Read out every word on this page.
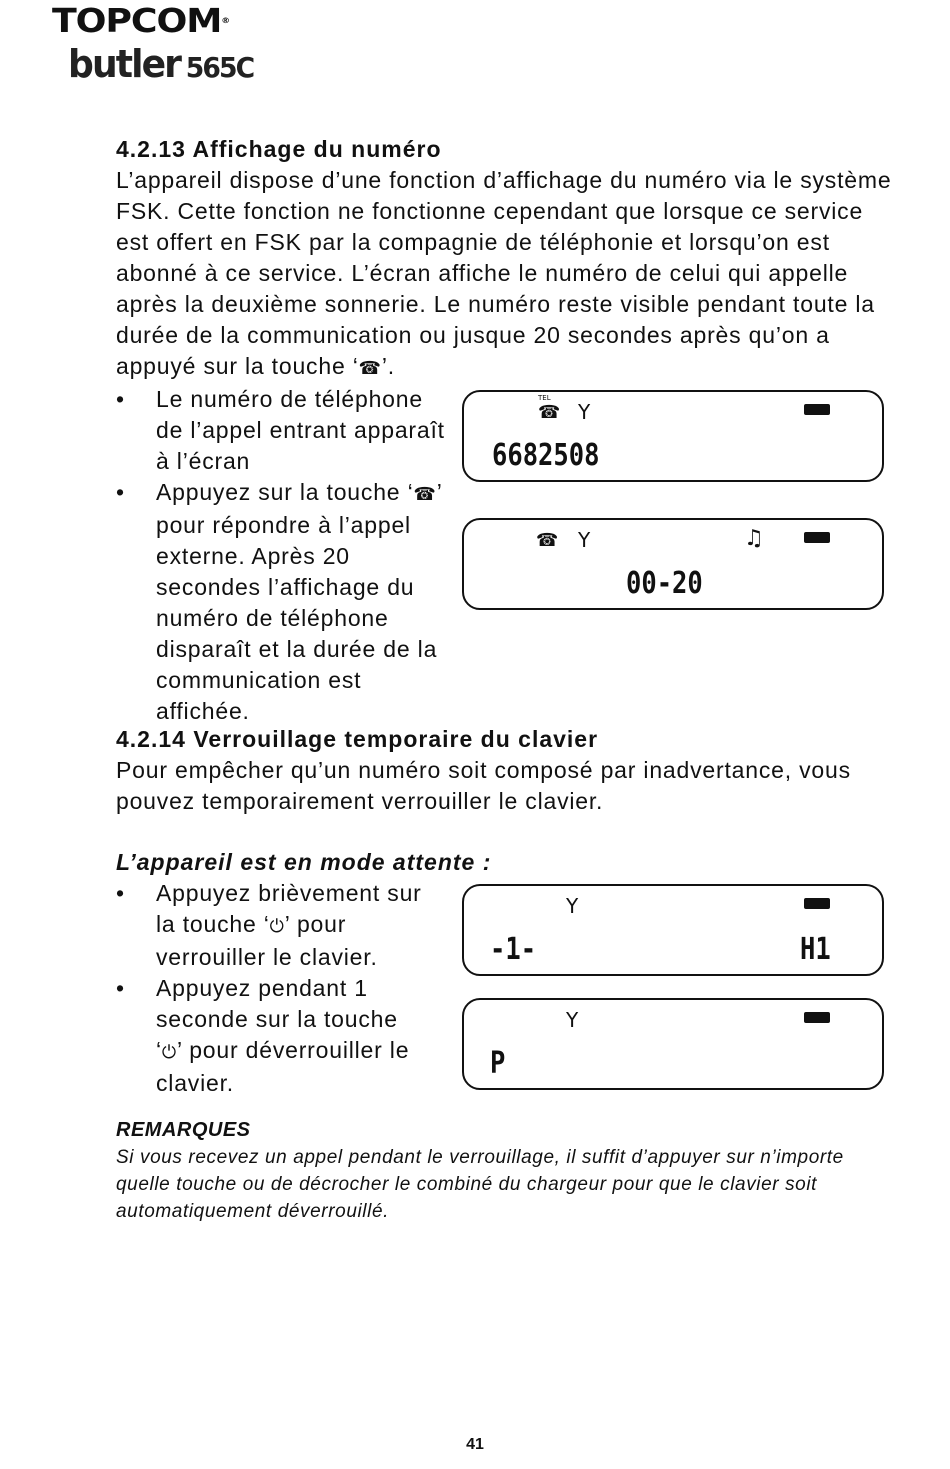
TOPCOM®
butler 565C

4.2.13 Affichage du numéro

L’appareil dispose d’une fonction d’affichage du numéro via le système FSK. Cette fonction ne fonctionne cependant que lorsque ce service est offert en FSK par la compagnie de téléphonie et lorsqu’on est abonné à ce service. L’écran affiche le numéro de celui qui appelle après la deuxième sonnerie. Le numéro reste visible pendant toute la durée de la communication ou jusque 20 secondes après qu’on a appuyé sur la touche ‘☎’.

• Le numéro de téléphone de l’appel entrant apparaît à l’écran
• Appuyez sur la touche ‘☎’ pour répondre à l’appel externe. Après 20 secondes l’affichage du numéro de téléphone disparaît et la durée de la communication est affichée.
TEL
☎ Y
6682508
☎ Y	♫
00-20

4.2.14 Verrouillage temporaire du clavier

Pour empêcher qu’un numéro soit composé par inadvertance, vous pouvez temporairement verrouiller le clavier.

L’appareil est en mode attente :

• Appuyez brièvement sur la touche ‘⏻’ pour verrouiller le clavier.
• Appuyez pendant 1 seconde sur la touche ‘⏻’ pour déverrouiller le clavier.
Y
-1-	H1
Y
P

REMARQUES

Si vous recevez un appel pendant le verrouillage, il suffit d’appuyer sur n’importe quelle touche ou de décrocher le combiné du chargeur pour que le clavier soit automatiquement déverrouillé.

41
